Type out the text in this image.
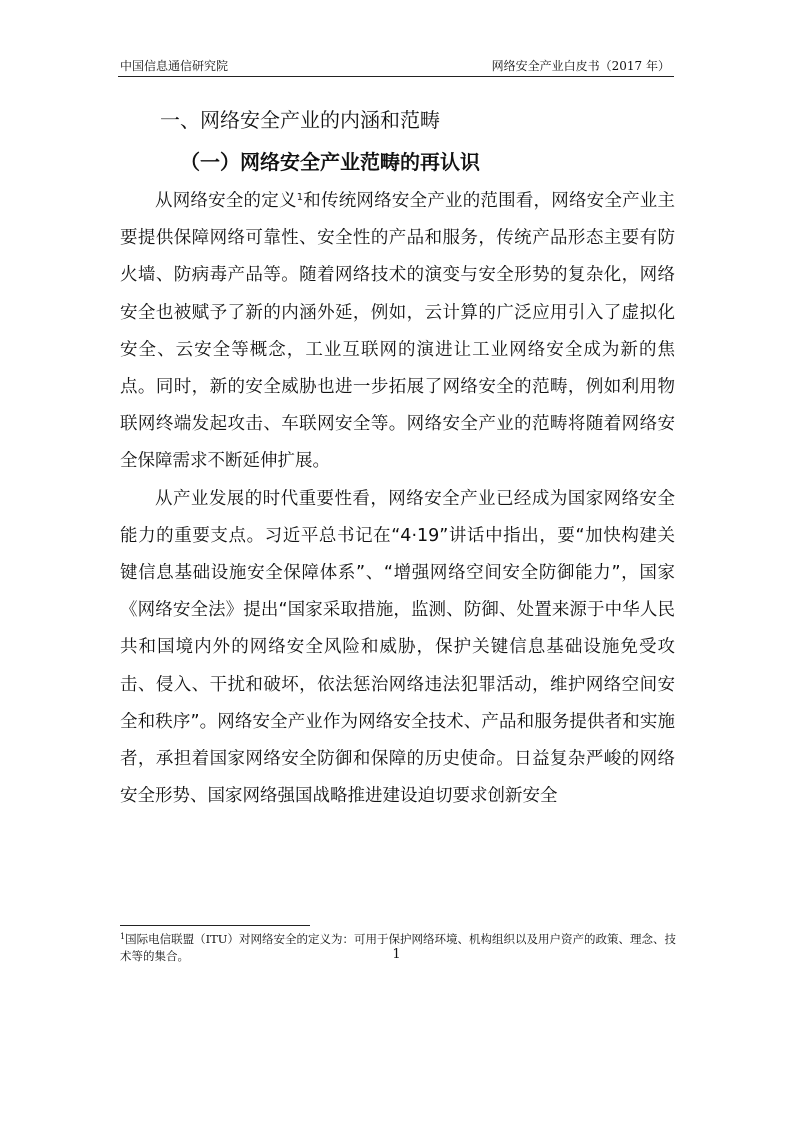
中国信息通信研究院	网络安全产业白皮书（2017 年）
一、网络安全产业的内涵和范畴
（一）网络安全产业范畴的再认识

从网络安全的定义$^1$和传统网络安全产业的范围看，网络安全产业主要提供保障网络可靠性、安全性的产品和服务，传统产品形态主要有防火墙、防病毒产品等。随着网络技术的演变与安全形势的复杂化，网络安全也被赋予了新的内涵外延，例如，云计算的广泛应用引入了虚拟化安全、云安全等概念，工业互联网的演进让工业网络安全成为新的焦点。同时，新的安全威胁也进一步拓展了网络安全的范畴，例如利用物联网终端发起攻击、车联网安全等。网络安全产业的范畴将随着网络安全保障需求不断延伸扩展。

从产业发展的时代重要性看，网络安全产业已经成为国家网络安全能力的重要支点。习近平总书记在“4·19”讲话中指出，要“加快构建关键信息基础设施安全保障体系”、“增强网络空间安全防御能力”，国家《网络安全法》提出“国家采取措施，监测、防御、处置来源于中华人民共和国境内外的网络安全风险和威胁，保护关键信息基础设施免受攻击、侵入、干扰和破坏，依法惩治网络违法犯罪活动，维护网络空间安全和秩序”。网络安全产业作为网络安全技术、产品和服务提供者和实施者，承担着国家网络安全防御和保障的历史使命。日益复杂严峻的网络安全形势、国家网络强国战略推进建设迫切要求创新安全

$^1$国际电信联盟（ITU）对网络安全的定义为：可用于保护网络环境、机构组织以及用户资产的政策、理念、技术等的集合。	1
